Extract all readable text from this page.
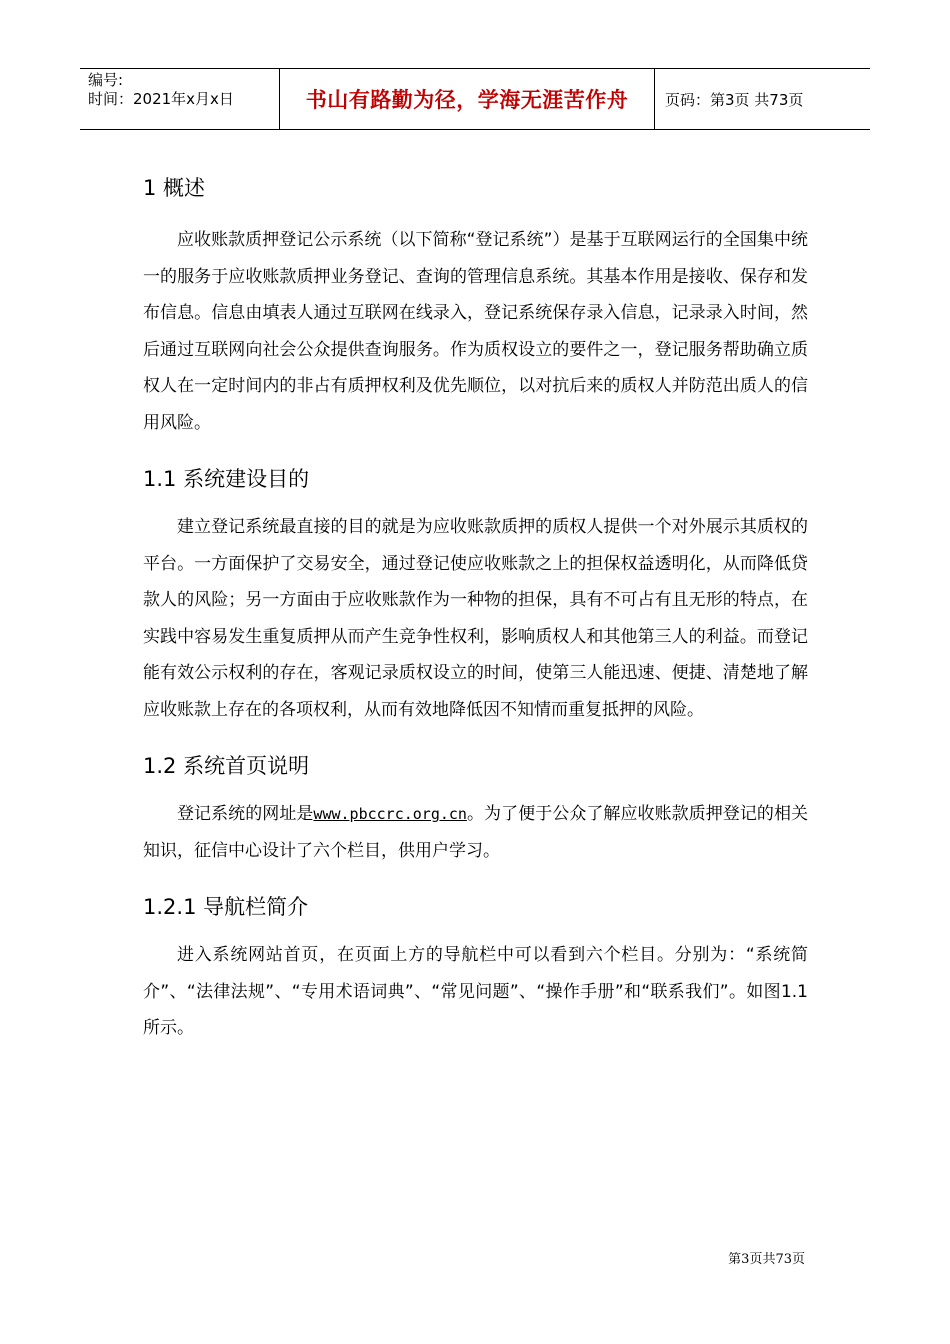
编号:
时间：2021年x月x日	书山有路勤为径，学海无涯苦作舟	页码：第3页 共73页
1 概述

应收账款质押登记公示系统（以下简称“登记系统”）是基于互联网运行的全国集中统一的服务于应收账款质押业务登记、查询的管理信息系统。其基本作用是接收、保存和发布信息。信息由填表人通过互联网在线录入，登记系统保存录入信息，记录录入时间，然后通过互联网向社会公众提供查询服务。作为质权设立的要件之一，登记服务帮助确立质权人在一定时间内的非占有质押权利及优先顺位，以对抗后来的质权人并防范出质人的信用风险。

1.1 系统建设目的

建立登记系统最直接的目的就是为应收账款质押的质权人提供一个对外展示其质权的平台。一方面保护了交易安全，通过登记使应收账款之上的担保权益透明化，从而降低贷款人的风险；另一方面由于应收账款作为一种物的担保，具有不可占有且无形的特点，在实践中容易发生重复质押从而产生竞争性权利，影响质权人和其他第三人的利益。而登记能有效公示权利的存在，客观记录质权设立的时间，使第三人能迅速、便捷、清楚地了解应收账款上存在的各项权利，从而有效地降低因不知情而重复抵押的风险。

1.2 系统首页说明

登记系统的网址是www.pbccrc.org.cn。为了便于公众了解应收账款质押登记的相关知识，征信中心设计了六个栏目，供用户学习。

1.2.1 导航栏简介

进入系统网站首页，在页面上方的导航栏中可以看到六个栏目。分别为：“系统简介”、“法律法规”、“专用术语词典”、“常见问题”、“操作手册”和“联系我们”。如图1.1所示。

第3页共73页
